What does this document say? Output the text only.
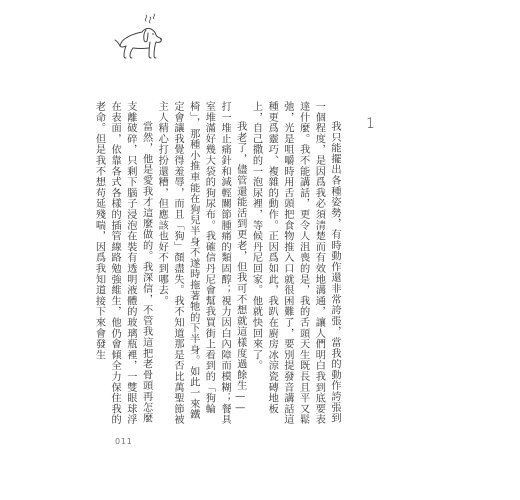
1

我只能擺出各種姿勢，有時動作還非常誇張，當我的動作誇張到一個程度，是因爲我必須清楚而有效地溝通，讓人們明白我到底要表達什麼。我不能講話，更令人沮喪的是，我的舌頭天生既長且平又鬆弛，光是咀嚼時用舌頭把食物推入口就很困難了，要別提發音講話這種更爲靈巧、複雜的動作。正因爲如此，我趴在廚房冰涼瓷磚地板上，自己撒的一泡尿裡，等候丹尼回家。他就快回來了。

我老了，儘管還能活到更老，但我可不想就這樣度過餘生——打一堆止痛針和減輕關節腫痛的類固醇；視力因白內障而模糊；餐具室堆滿好幾大袋的狗尿布。我確信丹尼會幫我買街上看到的「狗輪椅」，那種小推車能在狗兒半身不遂時拖著牠的下半身。如此一來鐵定會讓我覺得羞辱，而且「狗」顏盡失。我不知道那是否比萬聖節被主人精心打扮還糟，但應該也好不到哪去。

當然，他是愛我才這麼做的。我深信，不管我這把老骨頭再怎麼支離破碎，只剩下腦子浸泡在裝有透明液體的玻璃瓶裡，一雙眼球浮在表面，依靠各式各樣的插管線路勉強維生，他仍會傾全力保住我的老命。但是我不想苟延殘喘，因爲我知道接下來會發生

011
